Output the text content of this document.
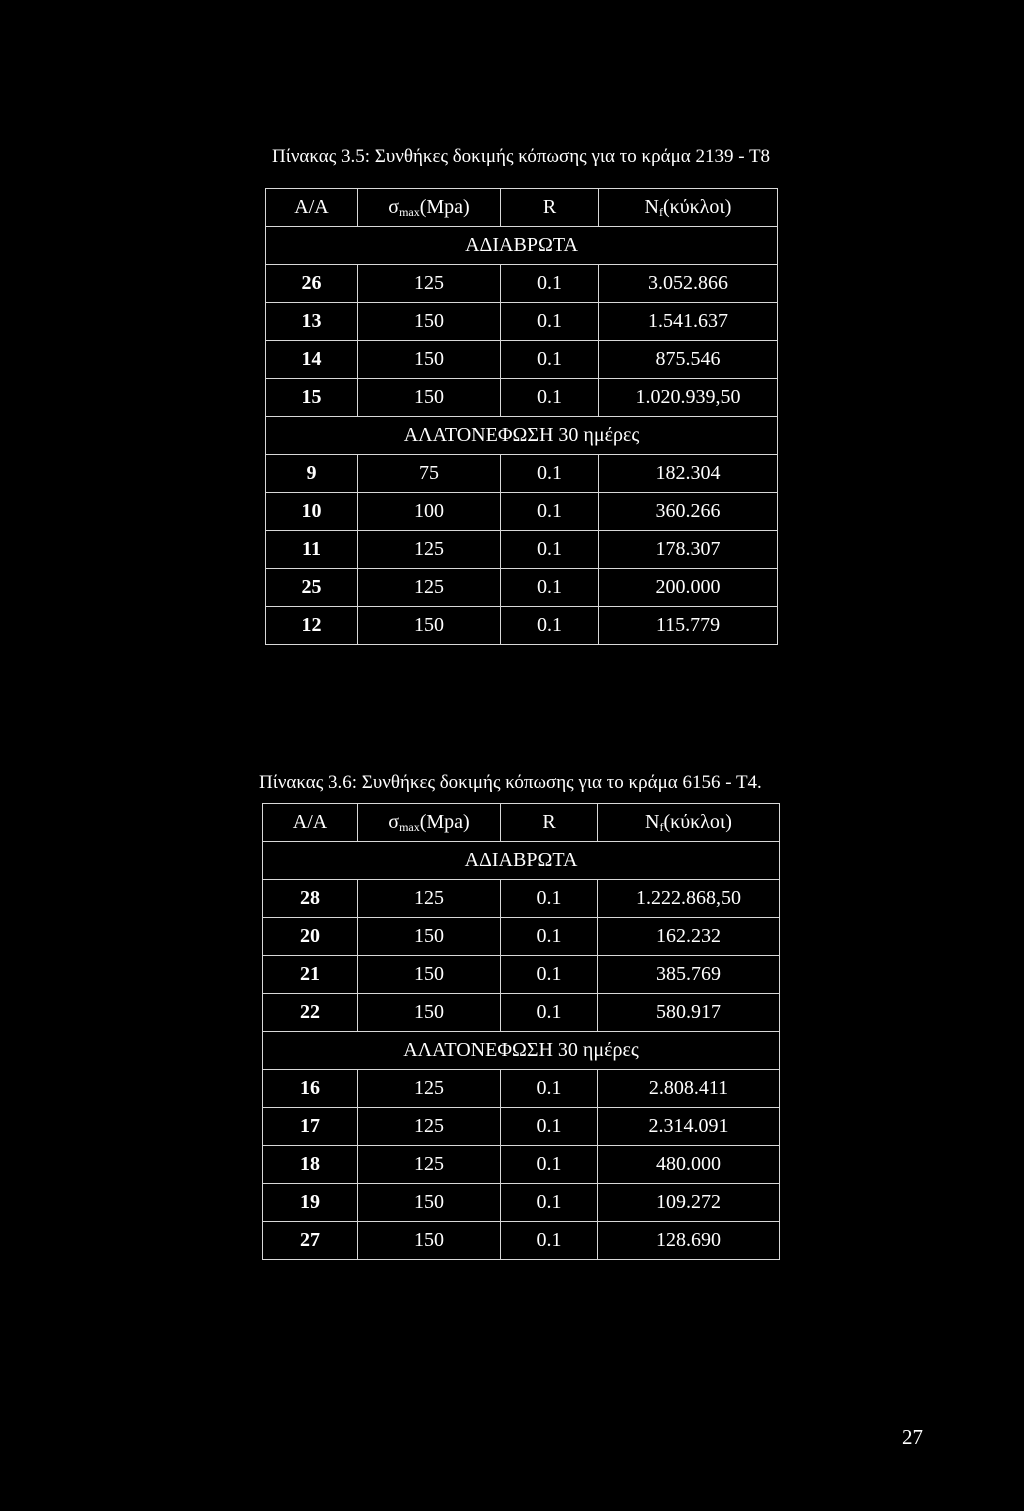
Πίνακας 3.5: Συνθήκες δοκιμής κόπωσης για το κράμα 2139 - Τ8
Α/Α	$\sigma_{max}(Mpa)$	R	$N_f(\kappa ύ\kappa\lambda o\iota)$
ΑΔΙΑΒΡΩΤΑ			
26	125	0.1	3.052.866
13	150	0.1	1.541.637
14	150	0.1	875.546
15	150	0.1	1.020.939,50
ΑΛΑΤΟΝΕΦΩΣΗ 30 ημέρες			
9	75	0.1	182.304
10	100	0.1	360.266
11	125	0.1	178.307
25	125	0.1	200.000
12	150	0.1	115.779
Πίνακας 3.6: Συνθήκες δοκιμής κόπωσης για το κράμα 6156 - Τ4.
Α/Α	$\sigma_{max}(Mpa)$	R	$N_f(\kappa ύ\kappa\lambda o\iota)$
ΑΔΙΑΒΡΩΤΑ			
28	125	0.1	1.222.868,50
20	150	0.1	162.232
21	150	0.1	385.769
22	150	0.1	580.917
ΑΛΑΤΟΝΕΦΩΣΗ 30 ημέρες			
16	125	0.1	2.808.411
17	125	0.1	2.314.091
18	125	0.1	480.000
19	150	0.1	109.272
27	150	0.1	128.690
27
